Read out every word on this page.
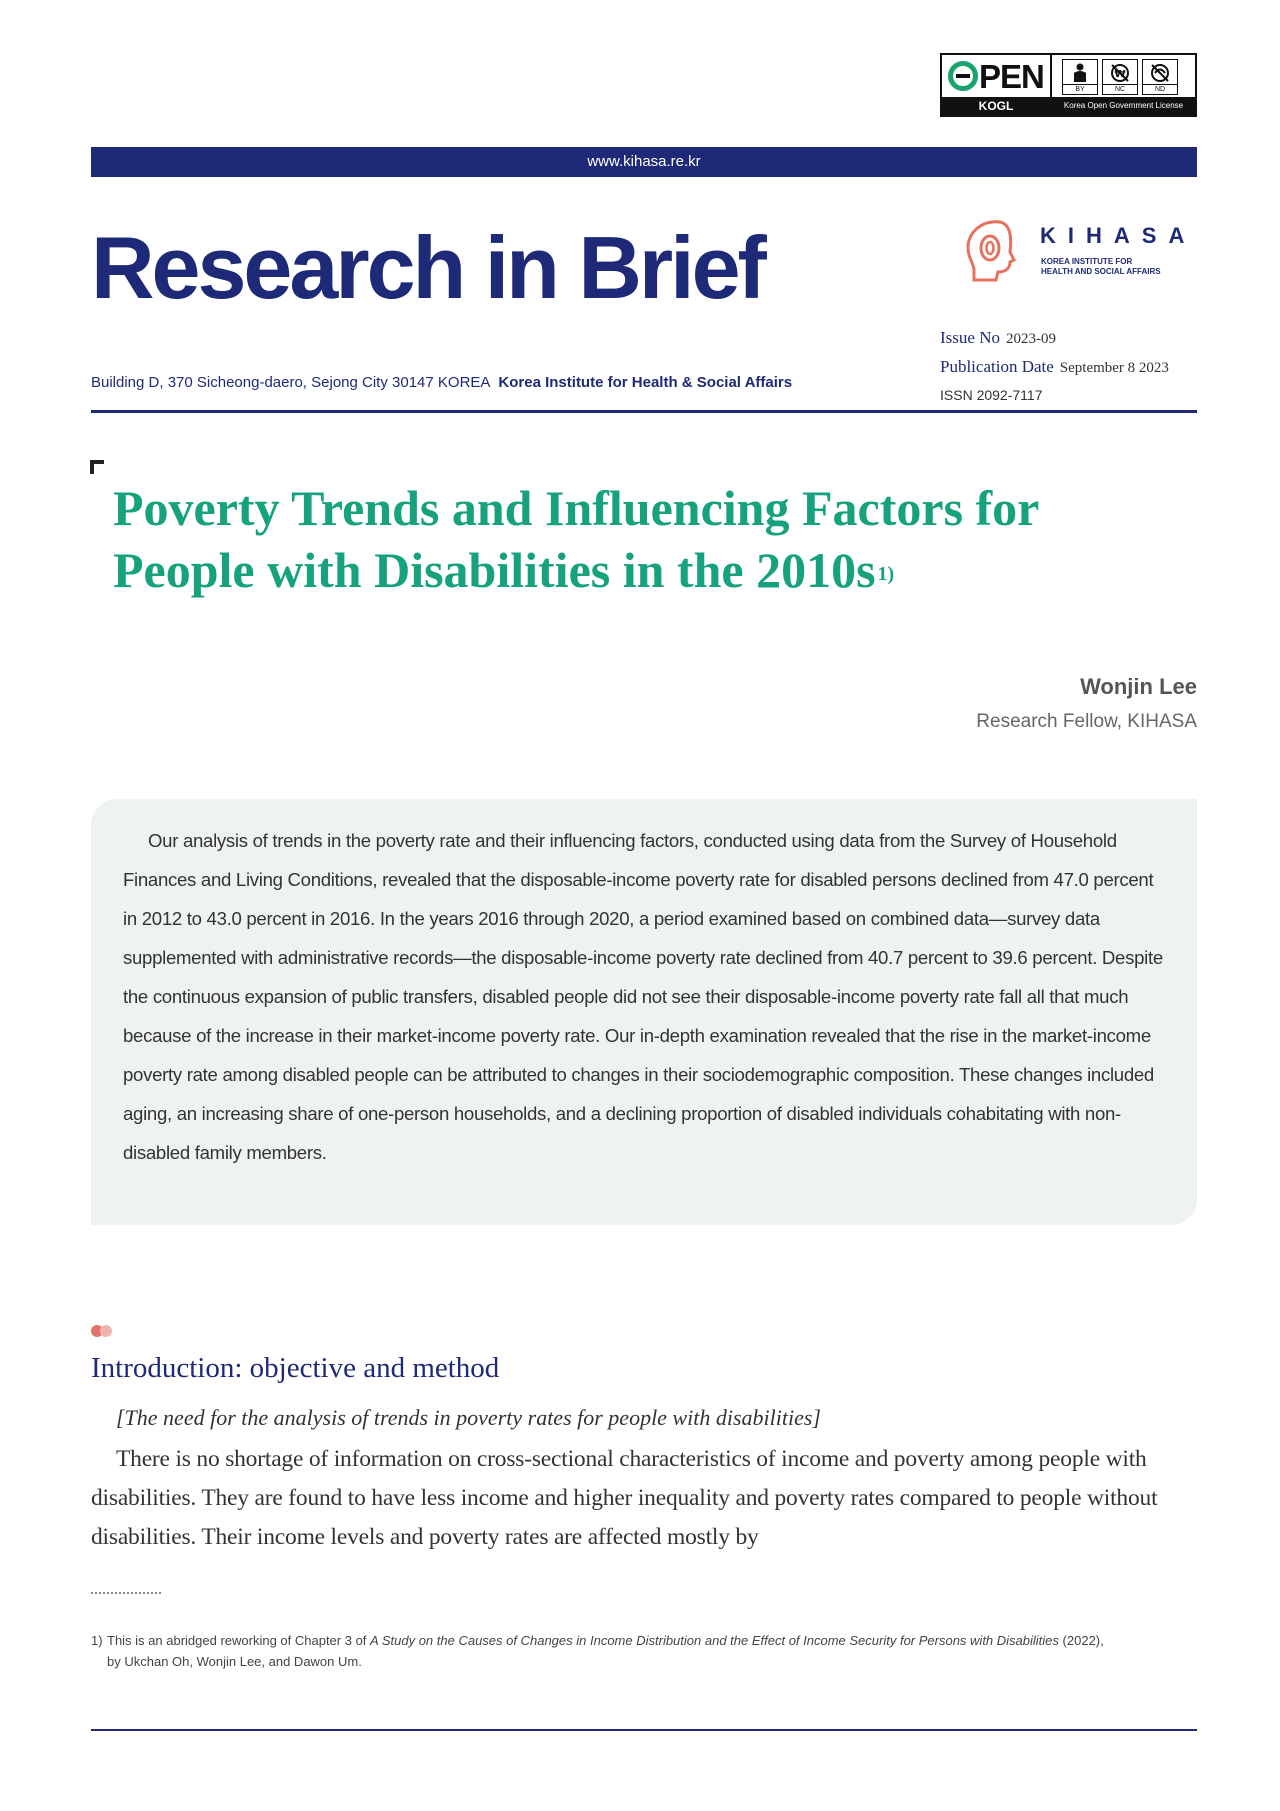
PEN
KOGL
BY
₩
NC	ND
Korea Open Government License
www.kihasa.re.kr
Research in Brief
Building D, 370 Sicheong-daero, Sejong City 30147 KOREA Korea Institute for Health & Social Affairs
KIHASA
KOREA INSTITUTE FOR
HEALTH AND SOCIAL AFFAIRS
Issue No 2023-09
Publication Date September 8 2023
ISSN 2092-7117
Poverty Trends and Influencing Factors for
People with Disabilities in the 2010s $^{1)}$
Wonjin Lee
Research Fellow, KIHASA

Our analysis of trends in the poverty rate and their influencing factors, conducted using data from the Survey of Household Finances and Living Conditions, revealed that the disposable-income poverty rate for disabled persons declined from 47.0 percent in 2012 to 43.0 percent in 2016. In the years 2016 through 2020, a period examined based on combined data—survey data supplemented with administrative records—the disposable-income poverty rate declined from 40.7 percent to 39.6 percent. Despite the continuous expansion of public transfers, disabled people did not see their disposable-income poverty rate fall all that much because of the increase in their market-income poverty rate. Our in-depth examination revealed that the rise in the market-income poverty rate among disabled people can be attributed to changes in their sociodemographic composition. These changes included aging, an increasing share of one-person households, and a declining proportion of disabled individuals cohabitating with non-disabled family members.

Introduction: objective and method
[The need for the analysis of trends in poverty rates for people with disabilities]
There is no shortage of information on cross-sectional characteristics of income and poverty among people with disabilities. They are found to have less income and higher inequality and poverty rates compared to people without disabilities. Their income levels and poverty rates are affected mostly by
1) This is an abridged reworking of Chapter 3 of A Study on the Causes of Changes in Income Distribution and the Effect of Income Security for Persons with Disabilities (2022),
by Ukchan Oh, Wonjin Lee, and Dawon Um.
